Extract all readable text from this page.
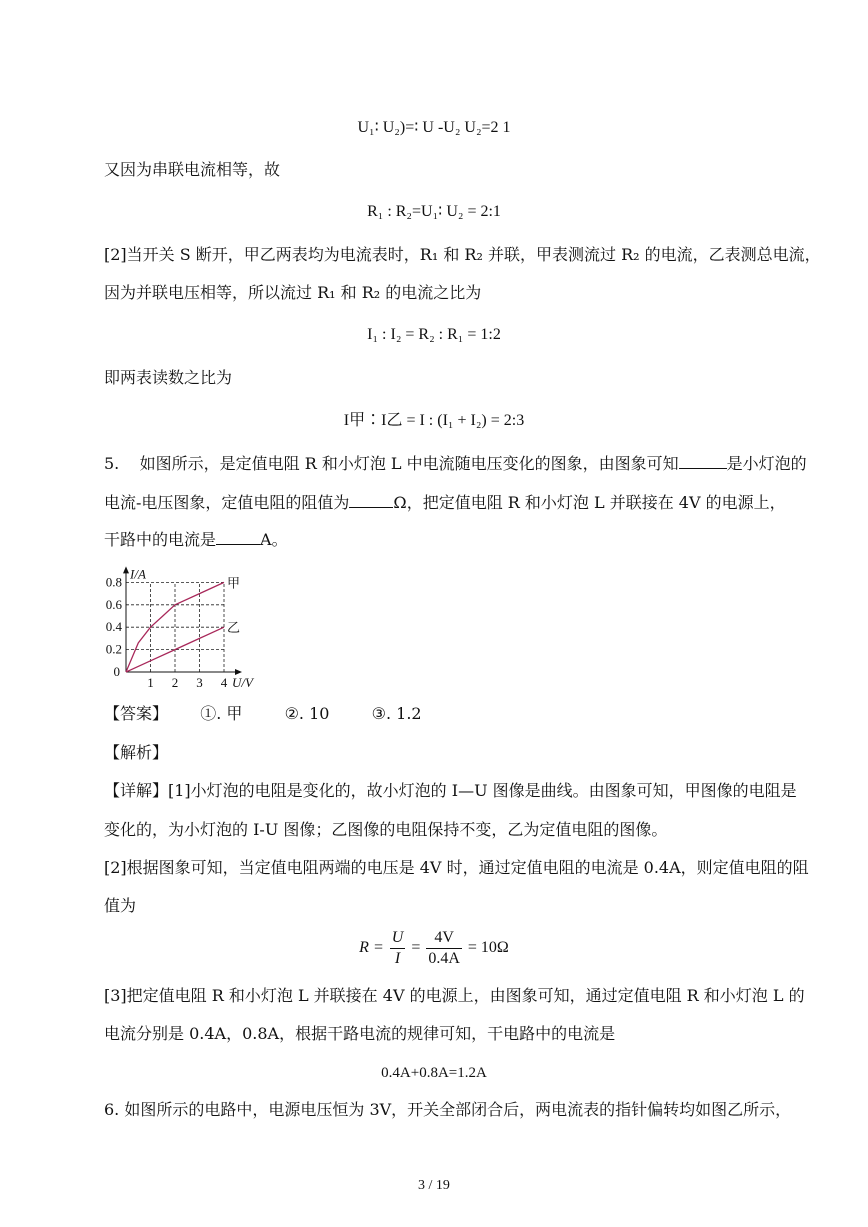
U₁∶ U₂)=∶ U -U₂ U₂=2 1
又因为串联电流相等，故
R₁ : R₂=U₁∶ U₂ = 2:1
[2]当开关 S 断开，甲乙两表均为电流表时，R₁ 和 R₂ 并联，甲表测流过 R₂ 的电流，乙表测总电流，
因为并联电压相等，所以流过 R₁ 和 R₂ 的电流之比为
I₁ : I₂ = R₂ : R₁ = 1:2
即两表读数之比为
I甲∶I乙 = I : (I₁ + I₂) = 2:3
5. 如图所示，是定值电阻 R 和小灯泡 L 中电流随电压变化的图象，由图象可知	是小灯泡的
电流-电压图象，定值电阻的阻值为	Ω，把定值电阻 R 和小灯泡 L 并联接在 4V 的电源上，
干路中的电流是	A。
1 2 3 4
0.2
0.4
0.6
0.8
0
U/V
I/A
甲
乙
【答案】 ①. 甲	②. 10	③. 1.2
【解析】
【详解】[1]小灯泡的电阻是变化的，故小灯泡的 I—U 图像是曲线。由图象可知，甲图像的电阻是
变化的，为小灯泡的 I-U 图像；乙图像的电阻保持不变，乙为定值电阻的图像。
[2]根据图象可知，当定值电阻两端的电压是 4V 时，通过定值电阻的电流是 0.4A，则定值电阻的阻
值为
$R = \frac{U}{I} = \frac{4V}{0.4A} = 10\Omega$
[3]把定值电阻 R 和小灯泡 L 并联接在 4V 的电源上，由图象可知，通过定值电阻 R 和小灯泡 L 的
电流分别是 0.4A，0.8A，根据干路电流的规律可知，干电路中的电流是
0.4A+0.8A=1.2A
6. 如图所示的电路中，电源电压恒为 3V，开关全部闭合后，两电流表的指针偏转均如图乙所示，
3 / 19
